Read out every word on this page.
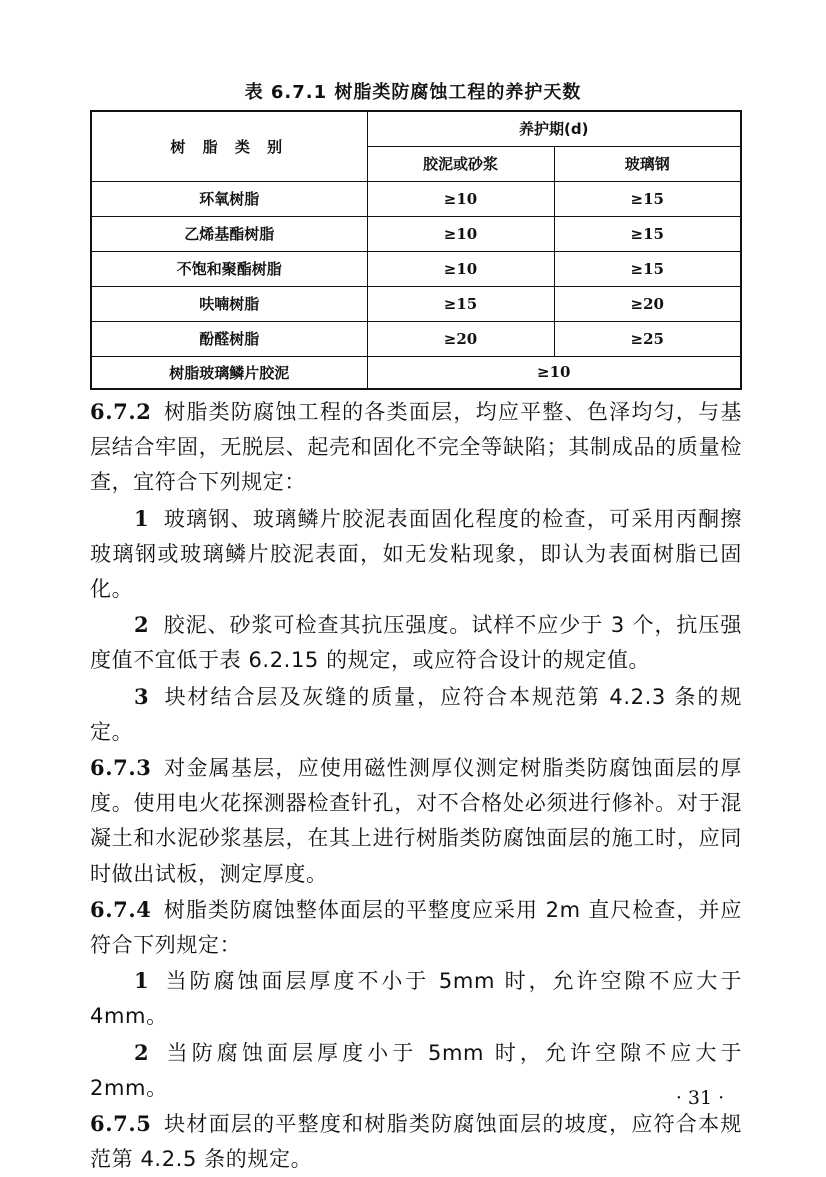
表 6.7.1 树脂类防腐蚀工程的养护天数
树 脂 类 别	养护期(d)	
	胶泥或砂浆	玻璃钢
环氧树脂	≥10	≥15
乙烯基酯树脂	≥10	≥15
不饱和聚酯树脂	≥10	≥15
呋喃树脂	≥15	≥20
酚醛树脂	≥20	≥25
树脂玻璃鳞片胶泥	≥10	

6.7.2 树脂类防腐蚀工程的各类面层，均应平整、色泽均匀，与基层结合牢固，无脱层、起壳和固化不完全等缺陷；其制成品的质量检查，宜符合下列规定：

1 玻璃钢、玻璃鳞片胶泥表面固化程度的检查，可采用丙酮擦玻璃钢或玻璃鳞片胶泥表面，如无发粘现象，即认为表面树脂已固化。

2 胶泥、砂浆可检查其抗压强度。试样不应少于 3 个，抗压强度值不宜低于表 6.2.15 的规定，或应符合设计的规定值。

3 块材结合层及灰缝的质量，应符合本规范第 4.2.3 条的规定。

6.7.3 对金属基层，应使用磁性测厚仪测定树脂类防腐蚀面层的厚度。使用电火花探测器检查针孔，对不合格处必须进行修补。对于混凝土和水泥砂浆基层，在其上进行树脂类防腐蚀面层的施工时，应同时做出试板，测定厚度。

6.7.4 树脂类防腐蚀整体面层的平整度应采用 2m 直尺检查，并应符合下列规定：

1 当防腐蚀面层厚度不小于 5mm 时，允许空隙不应大于 4mm。

2 当防腐蚀面层厚度小于 5mm 时，允许空隙不应大于 2mm。

6.7.5 块材面层的平整度和树脂类防腐蚀面层的坡度，应符合本规范第 4.2.5 条的规定。

· 31 ·
